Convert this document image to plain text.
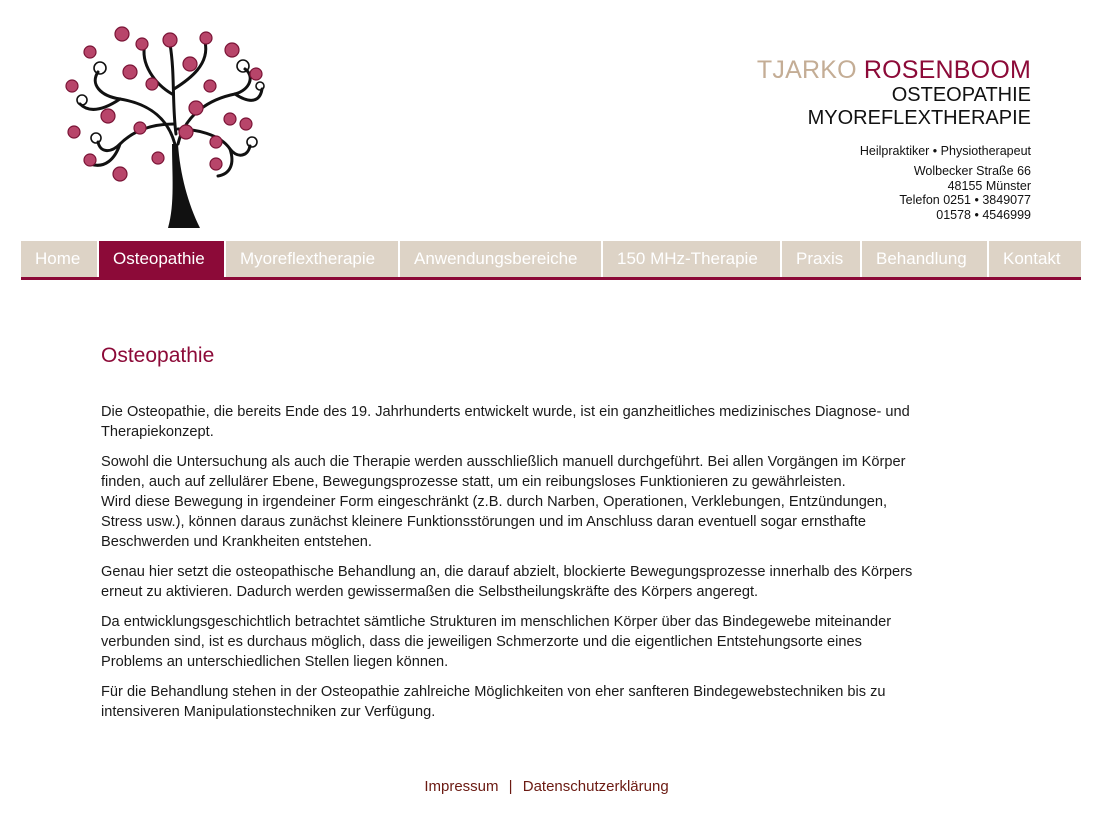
TJARKO ROSENBOOM
OSTEOPATHIE
MYOREFLEXTHERAPIE
Heilpraktiker • Physiotherapeut
Wolbecker Straße 66
48155 Münster
Telefon 0251 • 3849077
01578 • 4546999
Home	Osteopathie	Myoreflextherapie	Anwendungsbereiche	150 MHz-Therapie	Praxis	Behandlung	Kontakt
Osteopathie

Die Osteopathie, die bereits Ende des 19. Jahrhunderts entwickelt wurde, ist ein ganzheitliches medizinisches Diagnose- und Therapiekonzept.

Sowohl die Untersuchung als auch die Therapie werden ausschließlich manuell durchgeführt. Bei allen Vorgängen im Körper finden, auch auf zellulärer Ebene, Bewegungsprozesse statt, um ein reibungsloses Funktionieren zu gewährleisten.
Wird diese Bewegung in irgendeiner Form eingeschränkt (z.B. durch Narben, Operationen, Verklebungen, Entzündungen, Stress usw.), können daraus zunächst kleinere Funktionsstörungen und im Anschluss daran eventuell sogar ernsthafte Beschwerden und Krankheiten entstehen.

Genau hier setzt die osteopathische Behandlung an, die darauf abzielt, blockierte Bewegungsprozesse innerhalb des Körpers erneut zu aktivieren. Dadurch werden gewissermaßen die Selbstheilungskräfte des Körpers angeregt.

Da entwicklungsgeschichtlich betrachtet sämtliche Strukturen im menschlichen Körper über das Bindegewebe miteinander verbunden sind, ist es durchaus möglich, dass die jeweiligen Schmerzorte und die eigentlichen Entstehungsorte eines Problems an unterschiedlichen Stellen liegen können.

Für die Behandlung stehen in der Osteopathie zahlreiche Möglichkeiten von eher sanfteren Bindegewebstechniken bis zu intensiveren Manipulationstechniken zur Verfügung.

Impressum | Datenschutzerklärung
